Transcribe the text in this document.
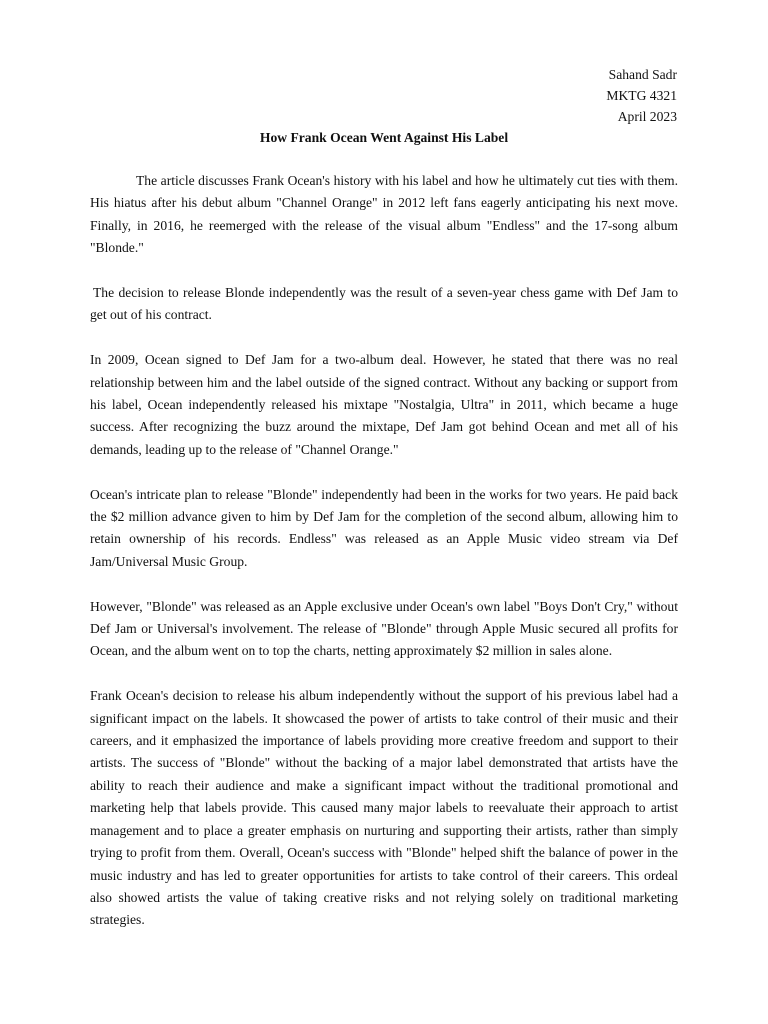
Sahand Sadr
MKTG 4321
April 2023
How Frank Ocean Went Against His Label

The article discusses Frank Ocean's history with his label and how he ultimately cut ties with them. His hiatus after his debut album "Channel Orange" in 2012 left fans eagerly anticipating his next move. Finally, in 2016, he reemerged with the release of the visual album "Endless" and the 17-song album "Blonde."

The decision to release Blonde independently was the result of a seven-year chess game with Def Jam to get out of his contract.

In 2009, Ocean signed to Def Jam for a two-album deal. However, he stated that there was no real relationship between him and the label outside of the signed contract. Without any backing or support from his label, Ocean independently released his mixtape "Nostalgia, Ultra" in 2011, which became a huge success. After recognizing the buzz around the mixtape, Def Jam got behind Ocean and met all of his demands, leading up to the release of "Channel Orange."

Ocean's intricate plan to release "Blonde" independently had been in the works for two years. He paid back the $2 million advance given to him by Def Jam for the completion of the second album, allowing him to retain ownership of his records. Endless" was released as an Apple Music video stream via Def Jam/Universal Music Group.

However, "Blonde" was released as an Apple exclusive under Ocean's own label "Boys Don't Cry," without Def Jam or Universal's involvement. The release of "Blonde" through Apple Music secured all profits for Ocean, and the album went on to top the charts, netting approximately $2 million in sales alone.

Frank Ocean's decision to release his album independently without the support of his previous label had a significant impact on the labels. It showcased the power of artists to take control of their music and their careers, and it emphasized the importance of labels providing more creative freedom and support to their artists. The success of "Blonde" without the backing of a major label demonstrated that artists have the ability to reach their audience and make a significant impact without the traditional promotional and marketing help that labels provide. This caused many major labels to reevaluate their approach to artist management and to place a greater emphasis on nurturing and supporting their artists, rather than simply trying to profit from them. Overall, Ocean's success with "Blonde" helped shift the balance of power in the music industry and has led to greater opportunities for artists to take control of their careers. This ordeal also showed artists the value of taking creative risks and not relying solely on traditional marketing strategies.
